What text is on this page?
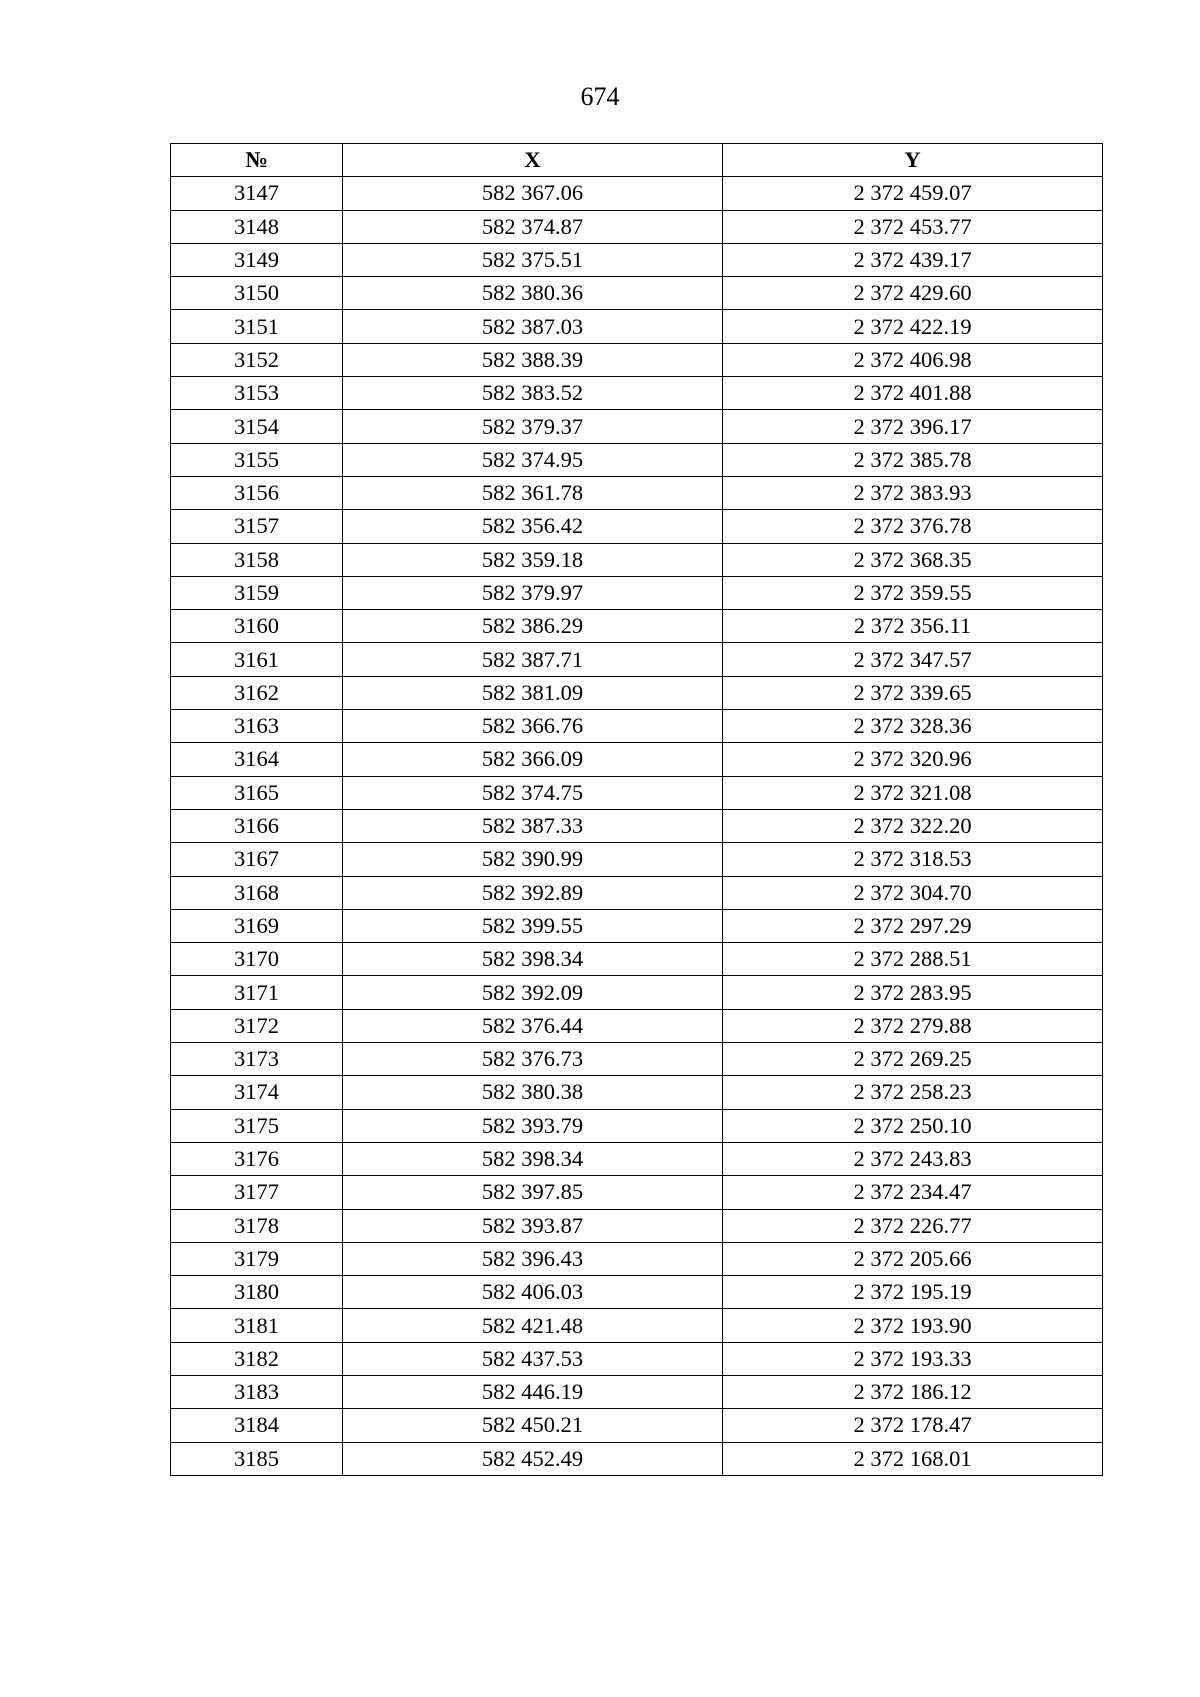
674
№	X	Y
3147	582 367.06	2 372 459.07
3148	582 374.87	2 372 453.77
3149	582 375.51	2 372 439.17
3150	582 380.36	2 372 429.60
3151	582 387.03	2 372 422.19
3152	582 388.39	2 372 406.98
3153	582 383.52	2 372 401.88
3154	582 379.37	2 372 396.17
3155	582 374.95	2 372 385.78
3156	582 361.78	2 372 383.93
3157	582 356.42	2 372 376.78
3158	582 359.18	2 372 368.35
3159	582 379.97	2 372 359.55
3160	582 386.29	2 372 356.11
3161	582 387.71	2 372 347.57
3162	582 381.09	2 372 339.65
3163	582 366.76	2 372 328.36
3164	582 366.09	2 372 320.96
3165	582 374.75	2 372 321.08
3166	582 387.33	2 372 322.20
3167	582 390.99	2 372 318.53
3168	582 392.89	2 372 304.70
3169	582 399.55	2 372 297.29
3170	582 398.34	2 372 288.51
3171	582 392.09	2 372 283.95
3172	582 376.44	2 372 279.88
3173	582 376.73	2 372 269.25
3174	582 380.38	2 372 258.23
3175	582 393.79	2 372 250.10
3176	582 398.34	2 372 243.83
3177	582 397.85	2 372 234.47
3178	582 393.87	2 372 226.77
3179	582 396.43	2 372 205.66
3180	582 406.03	2 372 195.19
3181	582 421.48	2 372 193.90
3182	582 437.53	2 372 193.33
3183	582 446.19	2 372 186.12
3184	582 450.21	2 372 178.47
3185	582 452.49	2 372 168.01
